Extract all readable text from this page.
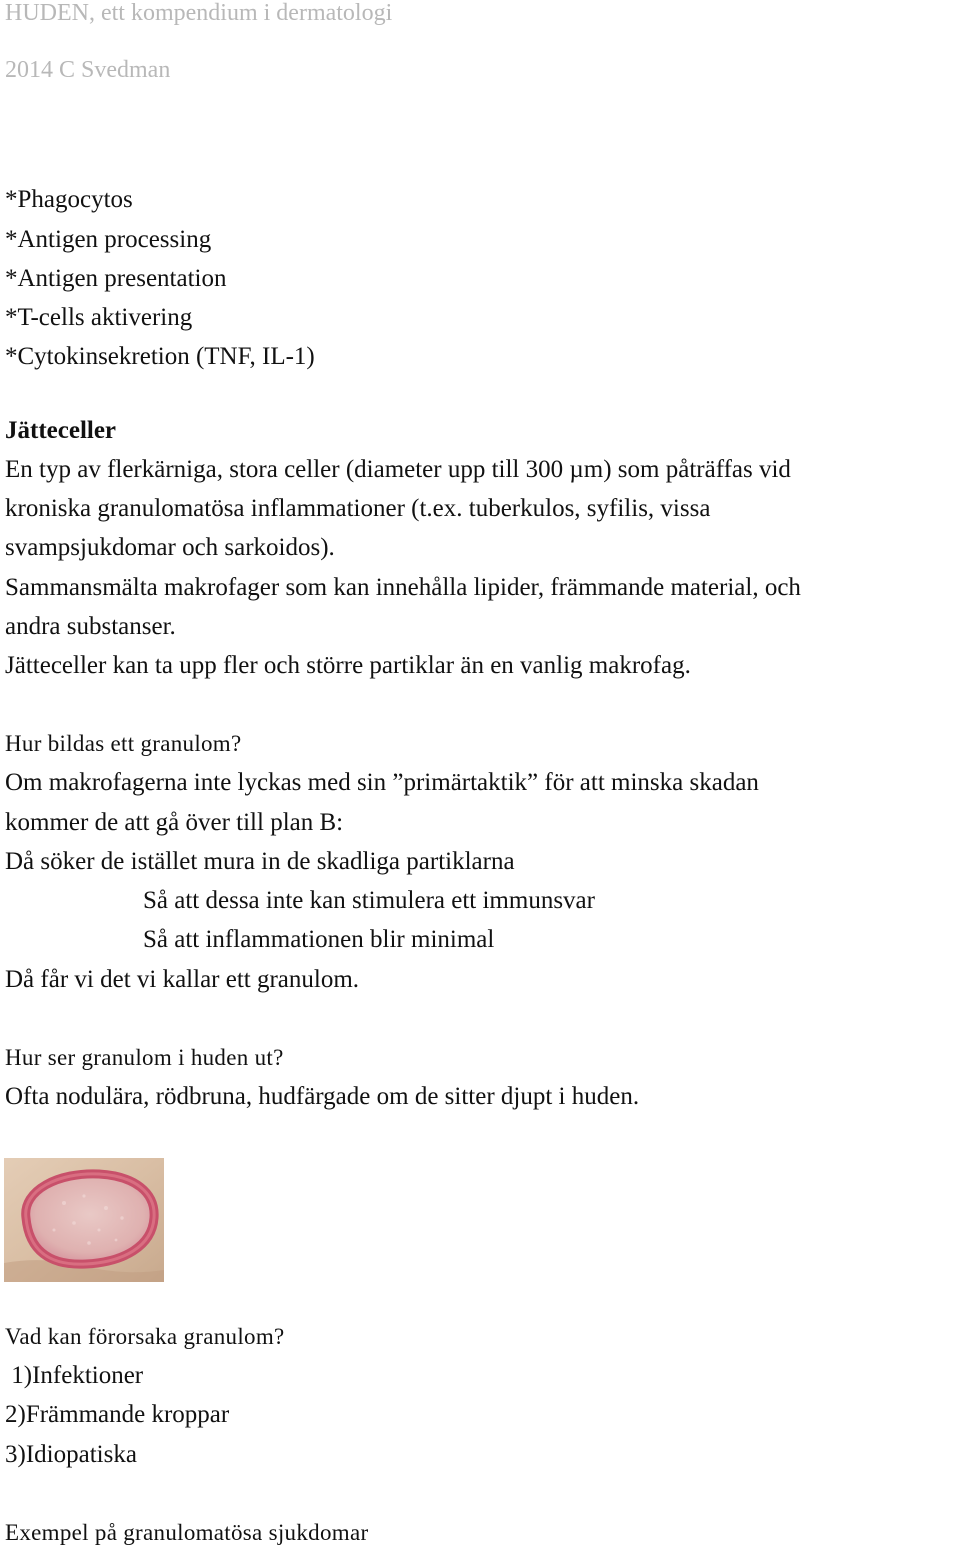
HUDEN, ett kompendium i dermatologi
2014 C Svedman
*Phagocytos
*Antigen processing
*Antigen presentation
*T-cells aktivering
*Cytokinsekretion (TNF, IL-1)
Jätteceller
En typ av flerkärniga, stora celler (diameter upp till 300 µm) som påträffas vid
kroniska granulomatösa inflammationer (t.ex. tuberkulos, syfilis, vissa
svampsjukdomar och sarkoidos).
Sammansmälta makrofager som kan innehålla lipider, främmande material, och
andra substanser.
Jätteceller kan ta upp fler och större partiklar än en vanlig makrofag.
Hur bildas ett granulom?
Om makrofagerna inte lyckas med sin ”primärtaktik” för att minska skadan
kommer de att gå över till plan B:
Då söker de istället mura in de skadliga partiklarna
Så att dessa inte kan stimulera ett immunsvar
Så att inflammationen blir minimal
Då får vi det vi kallar ett granulom.
Hur ser granulom i huden ut?
Ofta nodulära, rödbruna, hudfärgade om de sitter djupt i huden.
Vad kan förorsaka granulom?
1)Infektioner
2)Främmande kroppar
3)Idiopatiska
Exempel på granulomatösa sjukdomar
